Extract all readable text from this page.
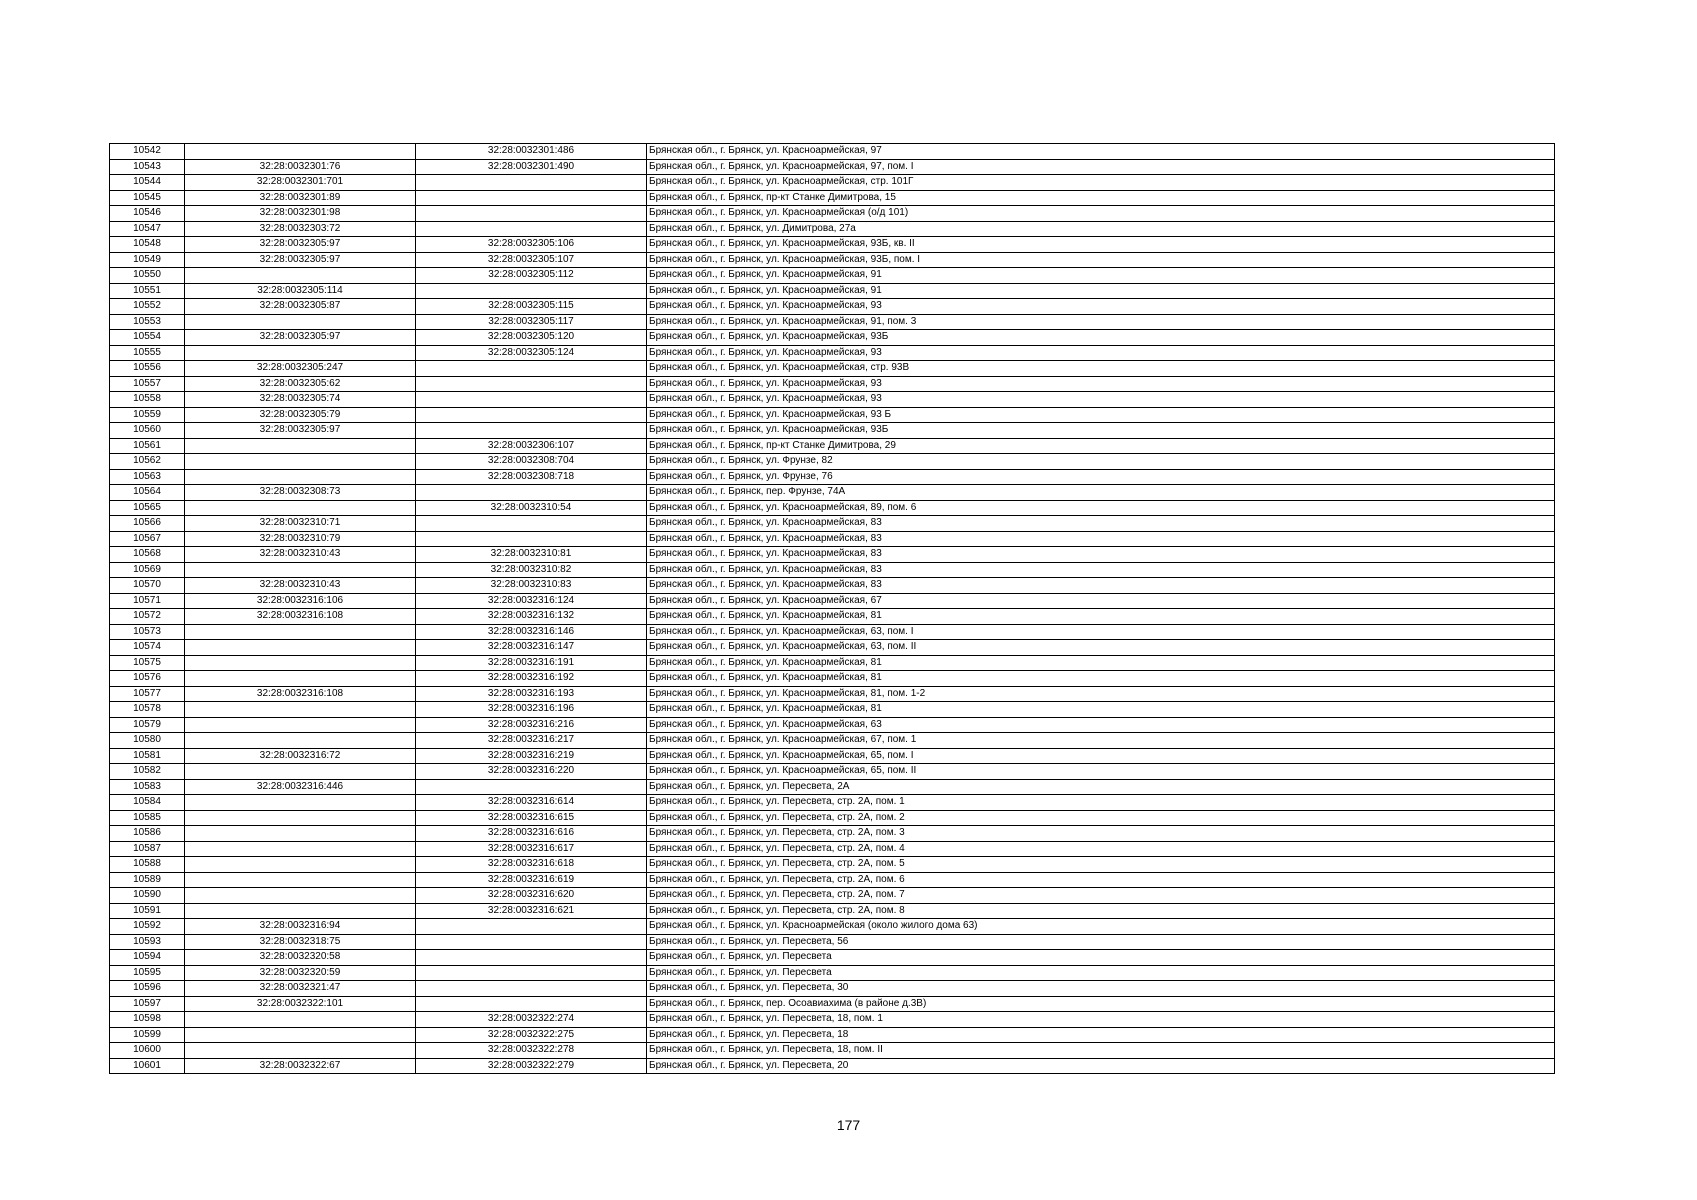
10542		32:28:0032301:486	Брянская обл., г. Брянск, ул. Красноармейская, 97
10543	32:28:0032301:76	32:28:0032301:490	Брянская обл., г. Брянск, ул. Красноармейская, 97, пом. I
10544	32:28:0032301:701		Брянская обл., г. Брянск, ул. Красноармейская, стр. 101Г
10545	32:28:0032301:89		Брянская обл., г. Брянск, пр-кт Станке Димитрова, 15
10546	32:28:0032301:98		Брянская обл., г. Брянск, ул. Красноармейская (о/д 101)
10547	32:28:0032303:72		Брянская обл., г. Брянск, ул. Димитрова, 27а
10548	32:28:0032305:97	32:28:0032305:106	Брянская обл., г. Брянск, ул. Красноармейская, 93Б, кв. II
10549	32:28:0032305:97	32:28:0032305:107	Брянская обл., г. Брянск, ул. Красноармейская, 93Б, пом. I
10550		32:28:0032305:112	Брянская обл., г. Брянск, ул. Красноармейская, 91
10551	32:28:0032305:114		Брянская обл., г. Брянск, ул. Красноармейская, 91
10552	32:28:0032305:87	32:28:0032305:115	Брянская обл., г. Брянск, ул. Красноармейская, 93
10553		32:28:0032305:117	Брянская обл., г. Брянск, ул. Красноармейская, 91, пом. 3
10554	32:28:0032305:97	32:28:0032305:120	Брянская обл., г. Брянск, ул. Красноармейская, 93Б
10555		32:28:0032305:124	Брянская обл., г. Брянск, ул. Красноармейская, 93
10556	32:28:0032305:247		Брянская обл., г. Брянск, ул. Красноармейская, стр. 93В
10557	32:28:0032305:62		Брянская обл., г. Брянск, ул. Красноармейская, 93
10558	32:28:0032305:74		Брянская обл., г. Брянск, ул. Красноармейская, 93
10559	32:28:0032305:79		Брянская обл., г. Брянск, ул. Красноармейская, 93 Б
10560	32:28:0032305:97		Брянская обл., г. Брянск, ул. Красноармейская, 93Б
10561		32:28:0032306:107	Брянская обл., г. Брянск, пр-кт Станке Димитрова, 29
10562		32:28:0032308:704	Брянская обл., г. Брянск, ул. Фрунзе, 82
10563		32:28:0032308:718	Брянская обл., г. Брянск, ул. Фрунзе, 76
10564	32:28:0032308:73		Брянская обл., г. Брянск, пер. Фрунзе, 74А
10565		32:28:0032310:54	Брянская обл., г. Брянск, ул. Красноармейская, 89, пом. 6
10566	32:28:0032310:71		Брянская обл., г. Брянск, ул. Красноармейская, 83
10567	32:28:0032310:79		Брянская обл., г. Брянск, ул. Красноармейская, 83
10568	32:28:0032310:43	32:28:0032310:81	Брянская обл., г. Брянск, ул. Красноармейская, 83
10569		32:28:0032310:82	Брянская обл., г. Брянск, ул. Красноармейская, 83
10570	32:28:0032310:43	32:28:0032310:83	Брянская обл., г. Брянск, ул. Красноармейская, 83
10571	32:28:0032316:106	32:28:0032316:124	Брянская обл., г. Брянск, ул. Красноармейская, 67
10572	32:28:0032316:108	32:28:0032316:132	Брянская обл., г. Брянск, ул. Красноармейская, 81
10573		32:28:0032316:146	Брянская обл., г. Брянск, ул. Красноармейская, 63, пом. I
10574		32:28:0032316:147	Брянская обл., г. Брянск, ул. Красноармейская, 63, пом. II
10575		32:28:0032316:191	Брянская обл., г. Брянск, ул. Красноармейская, 81
10576		32:28:0032316:192	Брянская обл., г. Брянск, ул. Красноармейская, 81
10577	32:28:0032316:108	32:28:0032316:193	Брянская обл., г. Брянск, ул. Красноармейская, 81, пом. 1-2
10578		32:28:0032316:196	Брянская обл., г. Брянск, ул. Красноармейская, 81
10579		32:28:0032316:216	Брянская обл., г. Брянск, ул. Красноармейская, 63
10580		32:28:0032316:217	Брянская обл., г. Брянск, ул. Красноармейская, 67, пом. 1
10581	32:28:0032316:72	32:28:0032316:219	Брянская обл., г. Брянск, ул. Красноармейская, 65, пом. I
10582		32:28:0032316:220	Брянская обл., г. Брянск, ул. Красноармейская, 65, пом. II
10583	32:28:0032316:446		Брянская обл., г. Брянск, ул. Пересвета, 2А
10584		32:28:0032316:614	Брянская обл., г. Брянск, ул. Пересвета, стр. 2А, пом. 1
10585		32:28:0032316:615	Брянская обл., г. Брянск, ул. Пересвета, стр. 2А, пом. 2
10586		32:28:0032316:616	Брянская обл., г. Брянск, ул. Пересвета, стр. 2А, пом. 3
10587		32:28:0032316:617	Брянская обл., г. Брянск, ул. Пересвета, стр. 2А, пом. 4
10588		32:28:0032316:618	Брянская обл., г. Брянск, ул. Пересвета, стр. 2А, пом. 5
10589		32:28:0032316:619	Брянская обл., г. Брянск, ул. Пересвета, стр. 2А, пом. 6
10590		32:28:0032316:620	Брянская обл., г. Брянск, ул. Пересвета, стр. 2А, пом. 7
10591		32:28:0032316:621	Брянская обл., г. Брянск, ул. Пересвета, стр. 2А, пом. 8
10592	32:28:0032316:94		Брянская обл., г. Брянск, ул. Красноармейская (около жилого дома 63)
10593	32:28:0032318:75		Брянская обл., г. Брянск, ул. Пересвета, 56
10594	32:28:0032320:58		Брянская обл., г. Брянск, ул. Пересвета
10595	32:28:0032320:59		Брянская обл., г. Брянск, ул. Пересвета
10596	32:28:0032321:47		Брянская обл., г. Брянск, ул. Пересвета, 30
10597	32:28:0032322:101		Брянская обл., г. Брянск, пер. Осоавиахима (в районе д.3В)
10598		32:28:0032322:274	Брянская обл., г. Брянск, ул. Пересвета, 18, пом. 1
10599		32:28:0032322:275	Брянская обл., г. Брянск, ул. Пересвета, 18
10600		32:28:0032322:278	Брянская обл., г. Брянск, ул. Пересвета, 18, пом. II
10601	32:28:0032322:67	32:28:0032322:279	Брянская обл., г. Брянск, ул. Пересвета, 20
177
